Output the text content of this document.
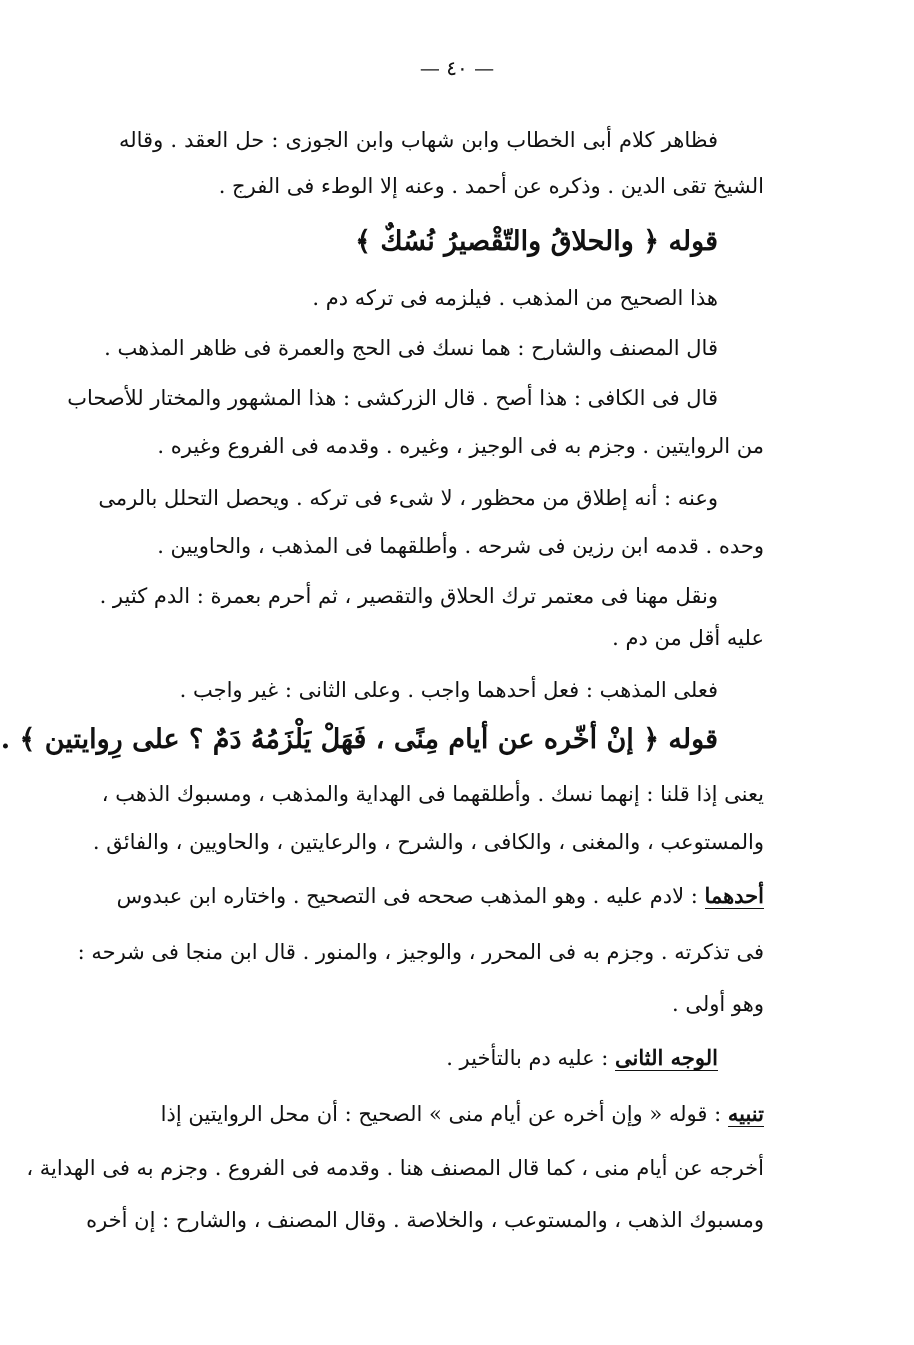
— ٤٠ —
فظاهر كلام أبى الخطاب وابن شهاب وابن الجوزى : حل العقد . وقاله
الشيخ تقى الدين . وذكره عن أحمد . وعنه إلا الوطء فى الفرج .
قوله ﴿ والحلاقُ والتّقْصيرُ نُسُكٌ ﴾
هذا الصحيح من المذهب . فيلزمه فى تركه دم .
قال المصنف والشارح : هما نسك فى الحج والعمرة فى ظاهر المذهب .
قال فى الكافى : هذا أصح . قال الزركشى : هذا المشهور والمختار للأصحاب
من الروايتين . وجزم به فى الوجيز ، وغيره . وقدمه فى الفروع وغيره .
وعنه : أنه إطلاق من محظور ، لا شىء فى تركه . ويحصل التحلل بالرمى
وحده . قدمه ابن رزين فى شرحه . وأطلقهما فى المذهب ، والحاويين .
ونقل مهنا فى معتمر ترك الحلاق والتقصير ، ثم أحرم بعمرة : الدم كثير .
عليه أقل من دم .
فعلى المذهب : فعل أحدهما واجب . وعلى الثانى : غير واجب .
قوله ﴿ إنْ أخّره عن أيام مِنًى ، فَهَلْ يَلْزَمُهُ دَمٌ ؟ على رِوايتين ﴾ .
يعنى إذا قلنا : إنهما نسك . وأطلقهما فى الهداية والمذهب ، ومسبوك الذهب ،
والمستوعب ، والمغنى ، والكافى ، والشرح ، والرعايتين ، والحاويين ، والفائق .
أحدهما : لادم عليه . وهو المذهب صححه فى التصحيح . واختاره ابن عبدوس
فى تذكرته . وجزم به فى المحرر ، والوجيز ، والمنور . قال ابن منجا فى شرحه :
وهو أولى .
الوجه الثانى : عليه دم بالتأخير .
تنبيه : قوله « وإن أخره عن أيام منى » الصحيح : أن محل الروايتين إذا
أخرجه عن أيام منى ، كما قال المصنف هنا . وقدمه فى الفروع . وجزم به فى الهداية ،
ومسبوك الذهب ، والمستوعب ، والخلاصة . وقال المصنف ، والشارح : إن أخره
